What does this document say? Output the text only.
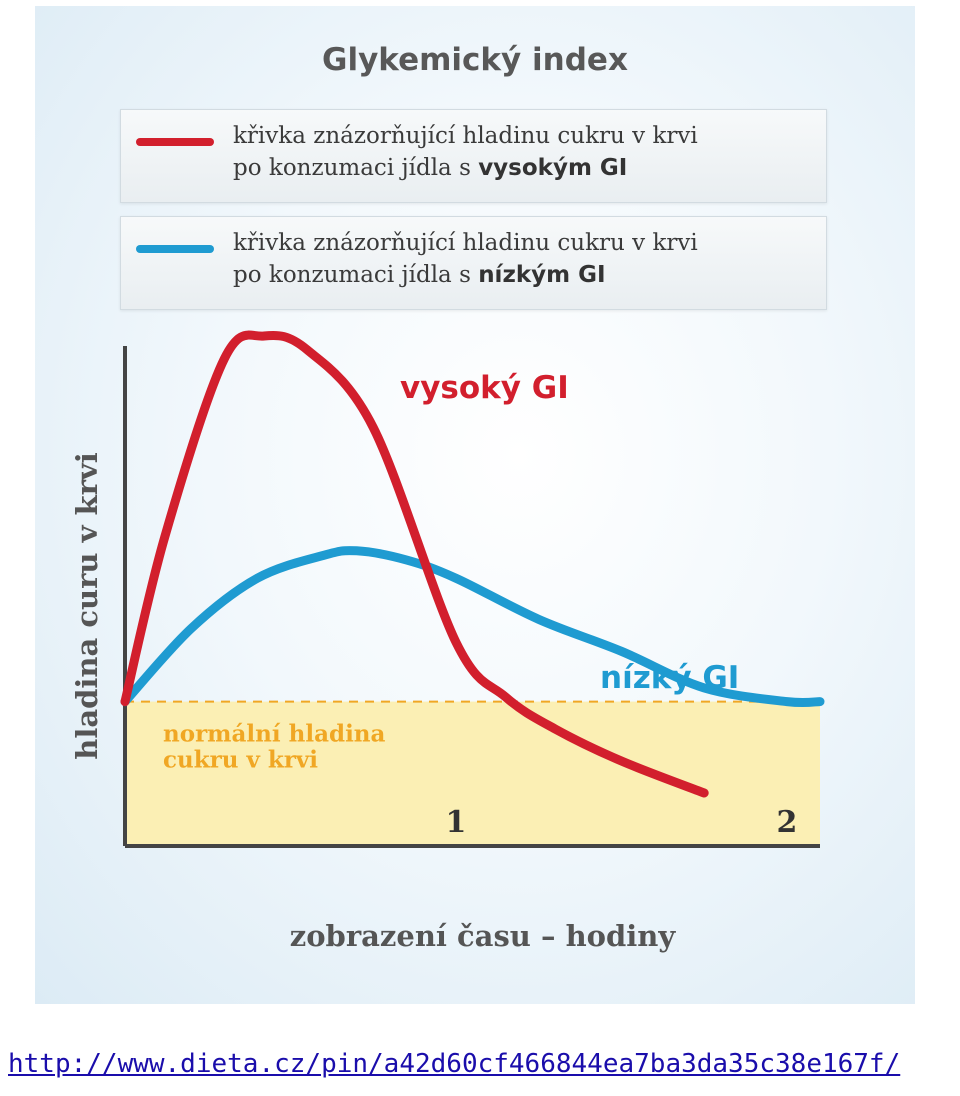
Glykemický index
křivka znázorňující hladinu cukru v krvi
po konzumaci jídla s vysokým GI
křivka znázorňující hladinu cukru v krvi
po konzumaci jídla s nízkým GI
normální hladina
cukru v krvi
1	2
zobrazení času – hodiny
hladina curu v krvi
vysoký GI
nízký GI
http://www.dieta.cz/pin/a42d60cf466844ea7ba3da35c38e167f/
